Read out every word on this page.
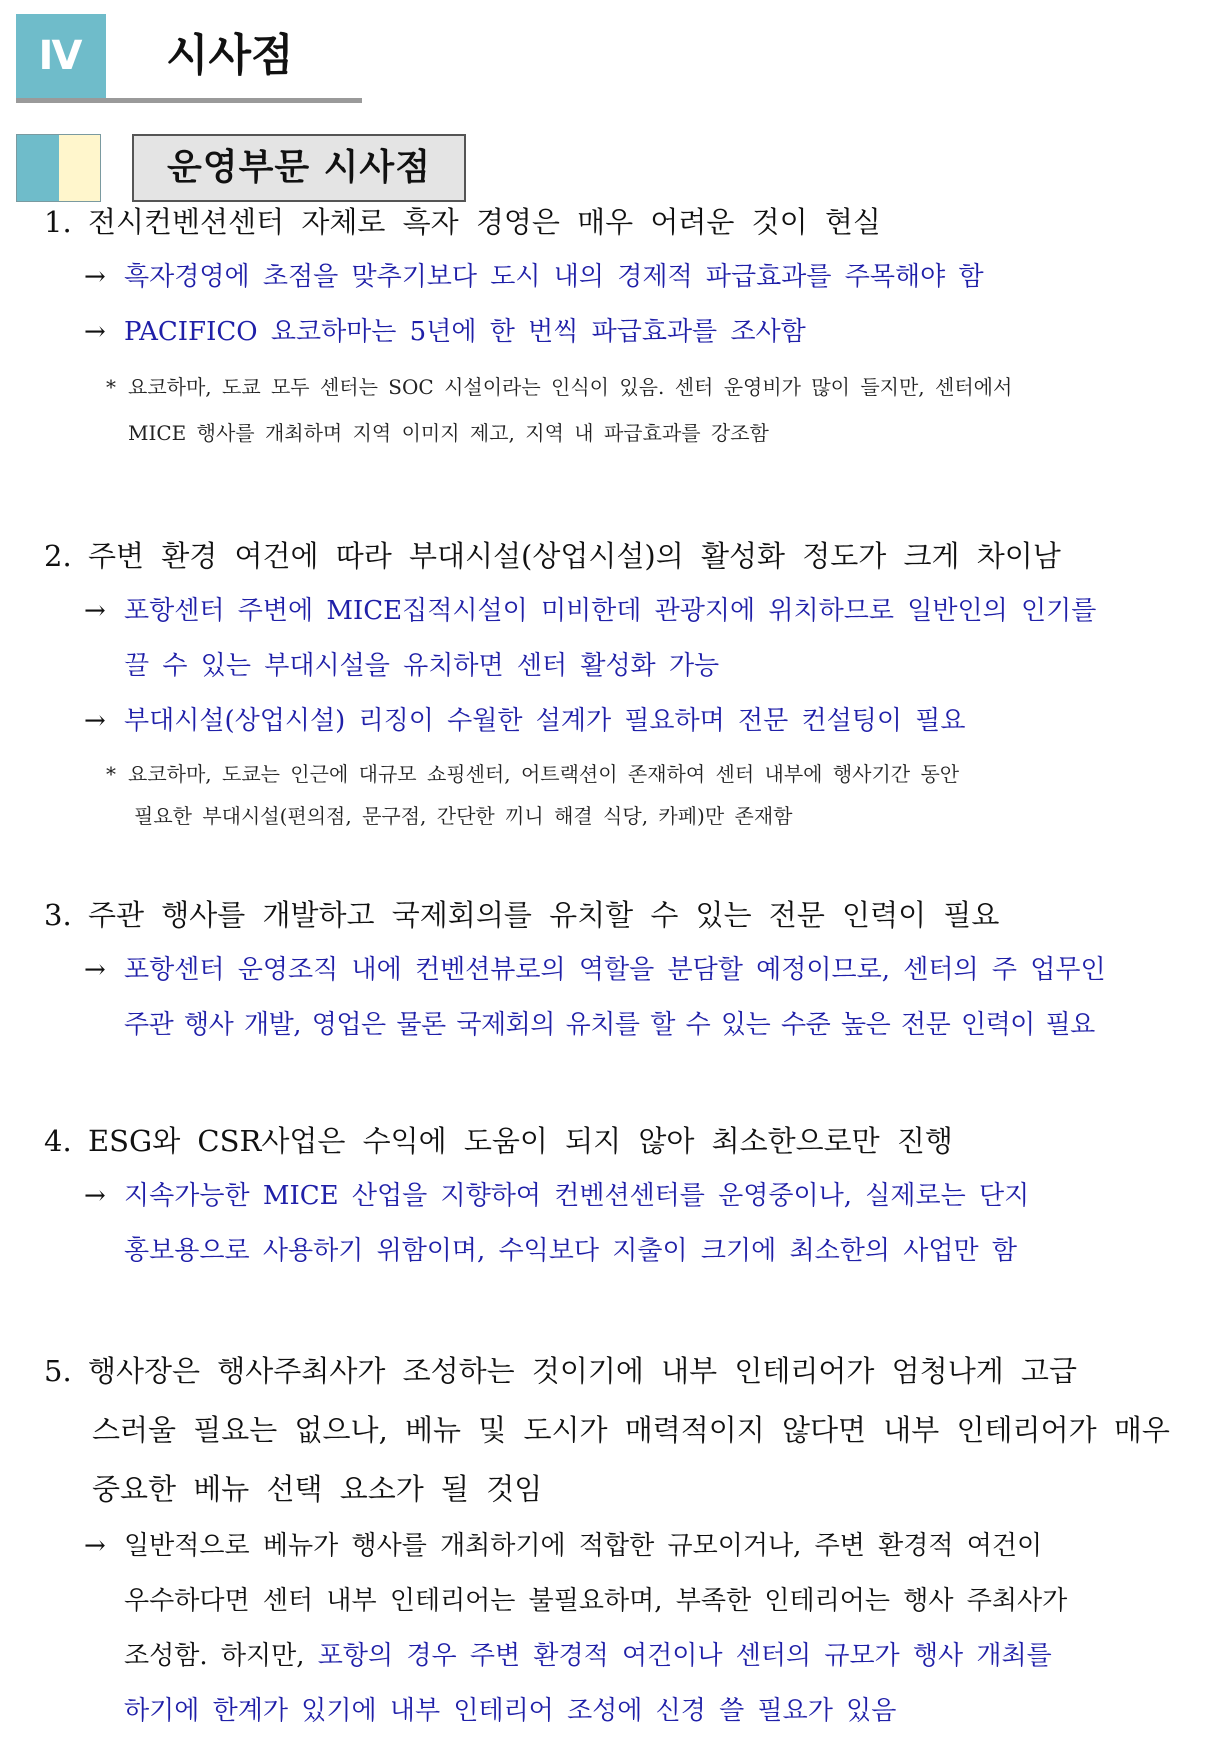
Ⅳ	시사점
운영부문 시사점
1. 전시컨벤션센터 자체로 흑자 경영은 매우 어려운 것이 현실
→ 흑자경영에 초점을 맞추기보다 도시 내의 경제적 파급효과를 주목해야 함
→ PACIFICO 요코하마는 5년에 한 번씩 파급효과를 조사함
* 요코하마, 도쿄 모두 센터는 SOC 시설이라는 인식이 있음. 센터 운영비가 많이 들지만, 센터에서
MICE 행사를 개최하며 지역 이미지 제고, 지역 내 파급효과를 강조함
2. 주변 환경 여건에 따라 부대시설(상업시설)의 활성화 정도가 크게 차이남
→ 포항센터 주변에 MICE집적시설이 미비한데 관광지에 위치하므로 일반인의 인기를
끌 수 있는 부대시설을 유치하면 센터 활성화 가능
→ 부대시설(상업시설) 리징이 수월한 설계가 필요하며 전문 컨설팅이 필요
* 요코하마, 도쿄는 인근에 대규모 쇼핑센터, 어트랙션이 존재하여 센터 내부에 행사기간 동안
필요한 부대시설(편의점, 문구점, 간단한 끼니 해결 식당, 카페)만 존재함
3. 주관 행사를 개발하고 국제회의를 유치할 수 있는 전문 인력이 필요
→ 포항센터 운영조직 내에 컨벤션뷰로의 역할을 분담할 예정이므로, 센터의 주 업무인
주관 행사 개발, 영업은 물론 국제회의 유치를 할 수 있는 수준 높은 전문 인력이 필요
4. ESG와 CSR사업은 수익에 도움이 되지 않아 최소한으로만 진행
→ 지속가능한 MICE 산업을 지향하여 컨벤션센터를 운영중이나, 실제로는 단지
홍보용으로 사용하기 위함이며, 수익보다 지출이 크기에 최소한의 사업만 함
5. 행사장은 행사주최사가 조성하는 것이기에 내부 인테리어가 엄청나게 고급
스러울 필요는 없으나, 베뉴 및 도시가 매력적이지 않다면 내부 인테리어가 매우
중요한 베뉴 선택 요소가 될 것임
→ 일반적으로 베뉴가 행사를 개최하기에 적합한 규모이거나, 주변 환경적 여건이
우수하다면 센터 내부 인테리어는 불필요하며, 부족한 인테리어는 행사 주최사가
조성함. 하지만, 포항의 경우 주변 환경적 여건이나 센터의 규모가 행사 개최를
하기에 한계가 있기에 내부 인테리어 조성에 신경 쓸 필요가 있음
